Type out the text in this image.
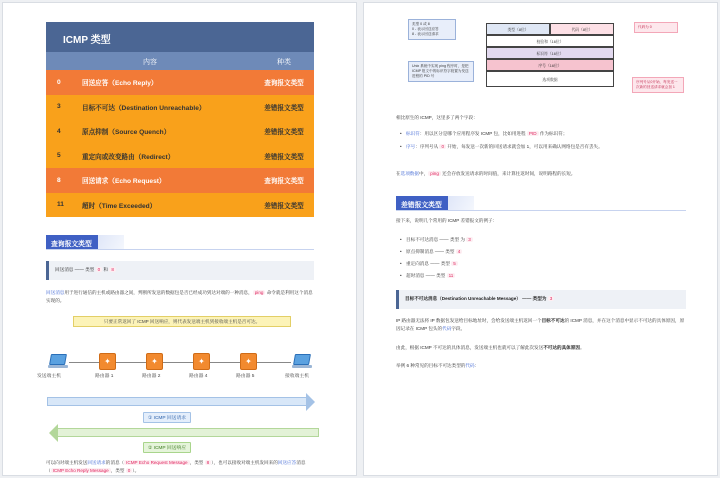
ICMP 类型
内容	种类
0	回送应答（Echo Reply）	查询报文类型
3	目标不可达（Destination Unreachable）	差错报文类型
4	原点抑制（Source Quench）	差错报文类型
5	重定向或改变路由（Redirect）	差错报文类型
8	回送请求（Echo Request）	查询报文类型
11	超时（Time Exceeded）	差错报文类型
查询报文类型
回送消息 —— 类型 0 和 8
回送消息用于进行通信的主机或路由器之间，判断所发送的数据包是否已经成功到达对端的一种消息， ping 命令就是利用这个消息实现的。
只要正常返回了 ICMP 回送响应，则代表发送端主机到接收端主机是否可达。
发送端主机
✦
路由器 1
✦
路由器 2
✦
路由器 4
✦
路由器 5	接收端主机
① ICMP 回送请求
② ICMP 回送响应
可以向对端主机发送回送请求的消息（ ICMP Echo Request Message ，类型 8 ），也可以接收对端主机发回来的回送应答消息（ ICMP Echo Reply Message ，类型 0 ）。
类型 0 或 8
0 - 表示回送应答
8 - 表示回送请求
类型（8位）	代码（8位）
校验和（16位）
标识符（16位）
序号（16位）
选项数据
代码为 0
Unix 系统中实现 ping 程序时，是把 ICMP 报文中的标识符字段置为发送进程的 PID 号
序列号从0开始，每发送一次新的回送请求就会加 1
相比原生的 ICMP，这里多了两个字段：
• 标识符：用以区分是哪个应用程序发 ICMP 包，比如用进程 PID 作为标识符；
• 序号：序列号从 0 开始，每发送一次新的回送请求就会加 1，可以用来确认网络包是否有丢失。
在选项数据中， ping 还会存放发送请求的时间值，来计算往返时间，说明路程的长短。
差错报文类型
接下来，说明几个常用的 ICMP 差错报文的例子：
• 目标不可达消息 —— 类型 为 3
• 原点抑制消息 —— 类型 4
• 重定向消息 —— 类型 5
• 超时消息 —— 类型 11
目标不可达消息（Destination Unreachable Message） —— 类型为 3
IP 路由器无法将 IP 数据包发送给目标地址时，会给发送端主机返回一个目标不可达的 ICMP 消息，并在这个消息中显示不可达的具体原因，原因记录在 ICMP 包头的代码字段。
由此，根据 ICMP 不可达的具体消息，发送端主机也就可以了解此次发送不可达的具体原因。
举例 6 种常见的目标不可达类型的代码：
